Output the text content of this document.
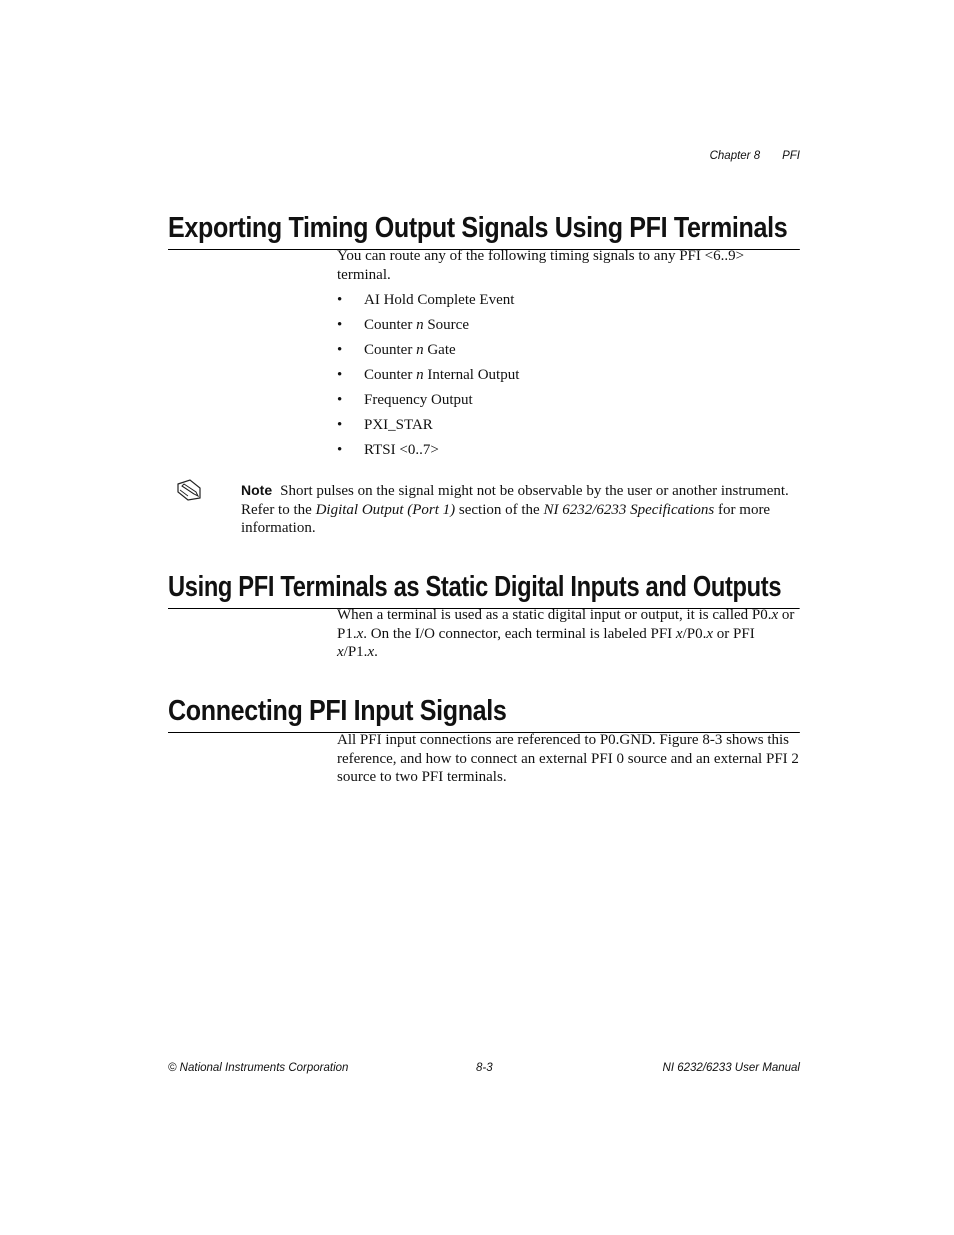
Chapter 8 PFI
Exporting Timing Output Signals Using PFI Terminals

You can route any of the following timing signals to any PFI <6..9> terminal.

• AI Hold Complete Event
• Counter n Source
• Counter n Gate
• Counter n Internal Output
• Frequency Output
• PXI_STAR
• RTSI <0..7>
Note Short pulses on the signal might not be observable by the user or another instrument. Refer to the Digital Output (Port 1) section of the NI 6232/6233 Specifications for more information.
Using PFI Terminals as Static Digital Inputs and Outputs

When a terminal is used as a static digital input or output, it is called P0.x or P1.x. On the I/O connector, each terminal is labeled PFI x/P0.x or PFI x/P1.x.

Connecting PFI Input Signals

All PFI input connections are referenced to P0.GND. Figure 8-3 shows this reference, and how to connect an external PFI 0 source and an external PFI 2 source to two PFI terminals.

© National Instruments Corporation	8-3	NI 6232/6233 User Manual
